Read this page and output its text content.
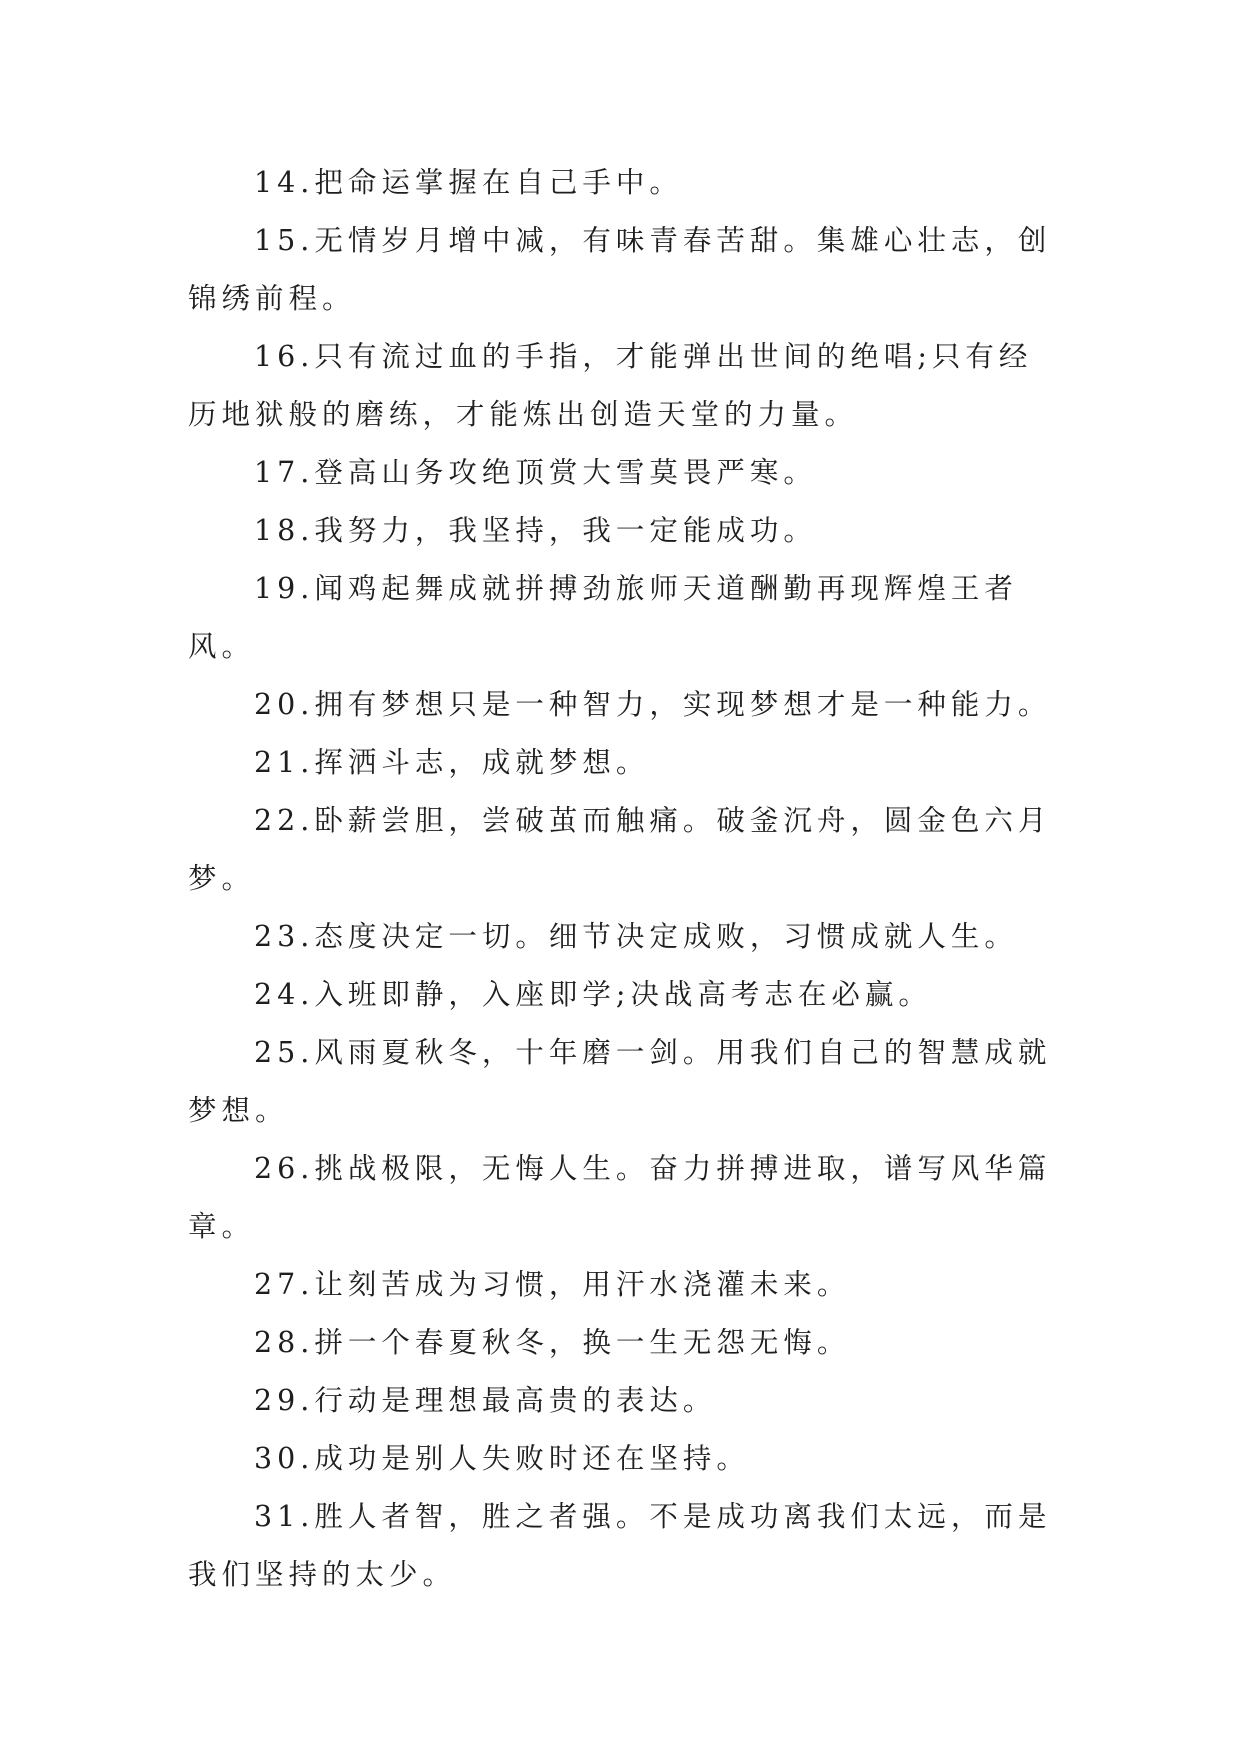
14.把命运掌握在自己手中。

15.无情岁月增中减，有味青春苦甜。集雄心壮志，创锦绣前程。

16.只有流过血的手指，才能弹出世间的绝唱;只有经历地狱般的磨练，才能炼出创造天堂的力量。

17.登高山务攻绝顶赏大雪莫畏严寒。

18.我努力，我坚持，我一定能成功。

19.闻鸡起舞成就拼搏劲旅师天道酬勤再现辉煌王者风。

20.拥有梦想只是一种智力，实现梦想才是一种能力。

21.挥洒斗志，成就梦想。

22.卧薪尝胆，尝破茧而触痛。破釜沉舟，圆金色六月梦。

23.态度决定一切。细节决定成败，习惯成就人生。

24.入班即静，入座即学;决战高考志在必赢。

25.风雨夏秋冬，十年磨一剑。用我们自己的智慧成就梦想。

26.挑战极限，无悔人生。奋力拼搏进取，谱写风华篇章。

27.让刻苦成为习惯，用汗水浇灌未来。

28.拼一个春夏秋冬，换一生无怨无悔。

29.行动是理想最高贵的表达。

30.成功是别人失败时还在坚持。

31.胜人者智，胜之者强。不是成功离我们太远，而是我们坚持的太少。
